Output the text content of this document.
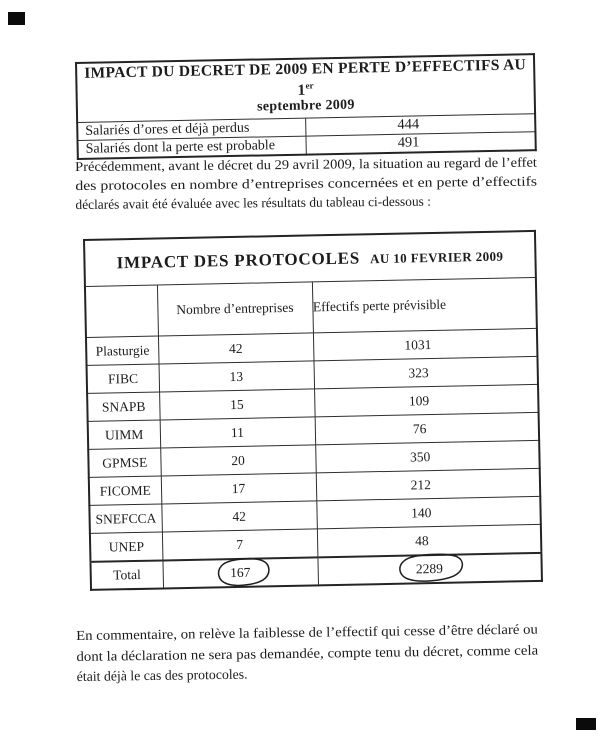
IMPACT DU DECRET DE 2009 EN PERTE D’EFFECTIFS AU 1er
septembre 2009	

Salariés d’ores et déjà perdus	444
Salariés dont la perte est probable	491
Précédemment, avant le décret du 29 avril 2009, la situation au regard de l’effet
des protocoles en nombre d’entreprises concernées et en perte d’effectifs
déclarés avait été évaluée avec les résultats du tableau ci-dessous :
IMPACT DES PROTOCOLES AU 10 FEVRIER 2009		
	Nombre d’entreprises	Effectifs perte prévisible
Plasturgie	42	1031
FIBC	13	323
SNAPB	15	109
UIMM	11	76
GPMSE	20	350
FICOME	17	212
SNEFCCA	42	140
UNEP	7	48
Total	167	2289
En commentaire, on relève la faiblesse de l’effectif qui cesse d’être déclaré ou
dont la déclaration ne sera pas demandée, compte tenu du décret, comme cela
était déjà le cas des protocoles.
